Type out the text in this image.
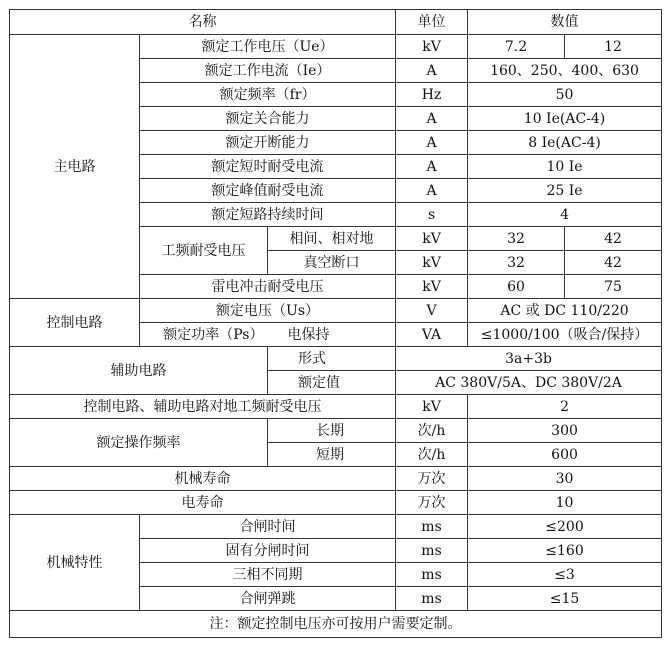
名称			单位	数值	
主电路	额定工作电压（Ue）		kV	7.2	12
	额定工作电流（Ie）		A	160、250、400、630	
	额定频率（fr）		Hz	50	
	额定关合能力		A	10 Ie(AC-4)	
	额定开断能力		A	8 Ie(AC-4)	
	额定短时耐受电流		A	10 Ie	
	额定峰值耐受电流		A	25 Ie	
	额定短路持续时间		s	4	
	工频耐受电压	相间、相对地	kV	32	42
		真空断口	kV	32	42
	雷电冲击耐受电压		kV	60	75
控制电路	额定电压（Us）		V	AC 或 DC 110/220	
	额定功率（Ps）	电保持	VA	≤1000/100（吸合/保持）	
辅助电路		形式	3a+3b		
		额定值	AC 380V/5A、DC 380V/2A		
控制电路、辅助电路对地工频耐受电压			kV	2	
额定操作频率		长期	次/h	300	
		短期	次/h	600	
机械寿命			万次	30	
电寿命			万次	10	
机械特性	合闸时间		ms	≤200	
	固有分闸时间		ms	≤160	
	三相不同期		ms	≤3	
	合闸弹跳		ms	≤15	
注：额定控制电压亦可按用户需要定制。					
